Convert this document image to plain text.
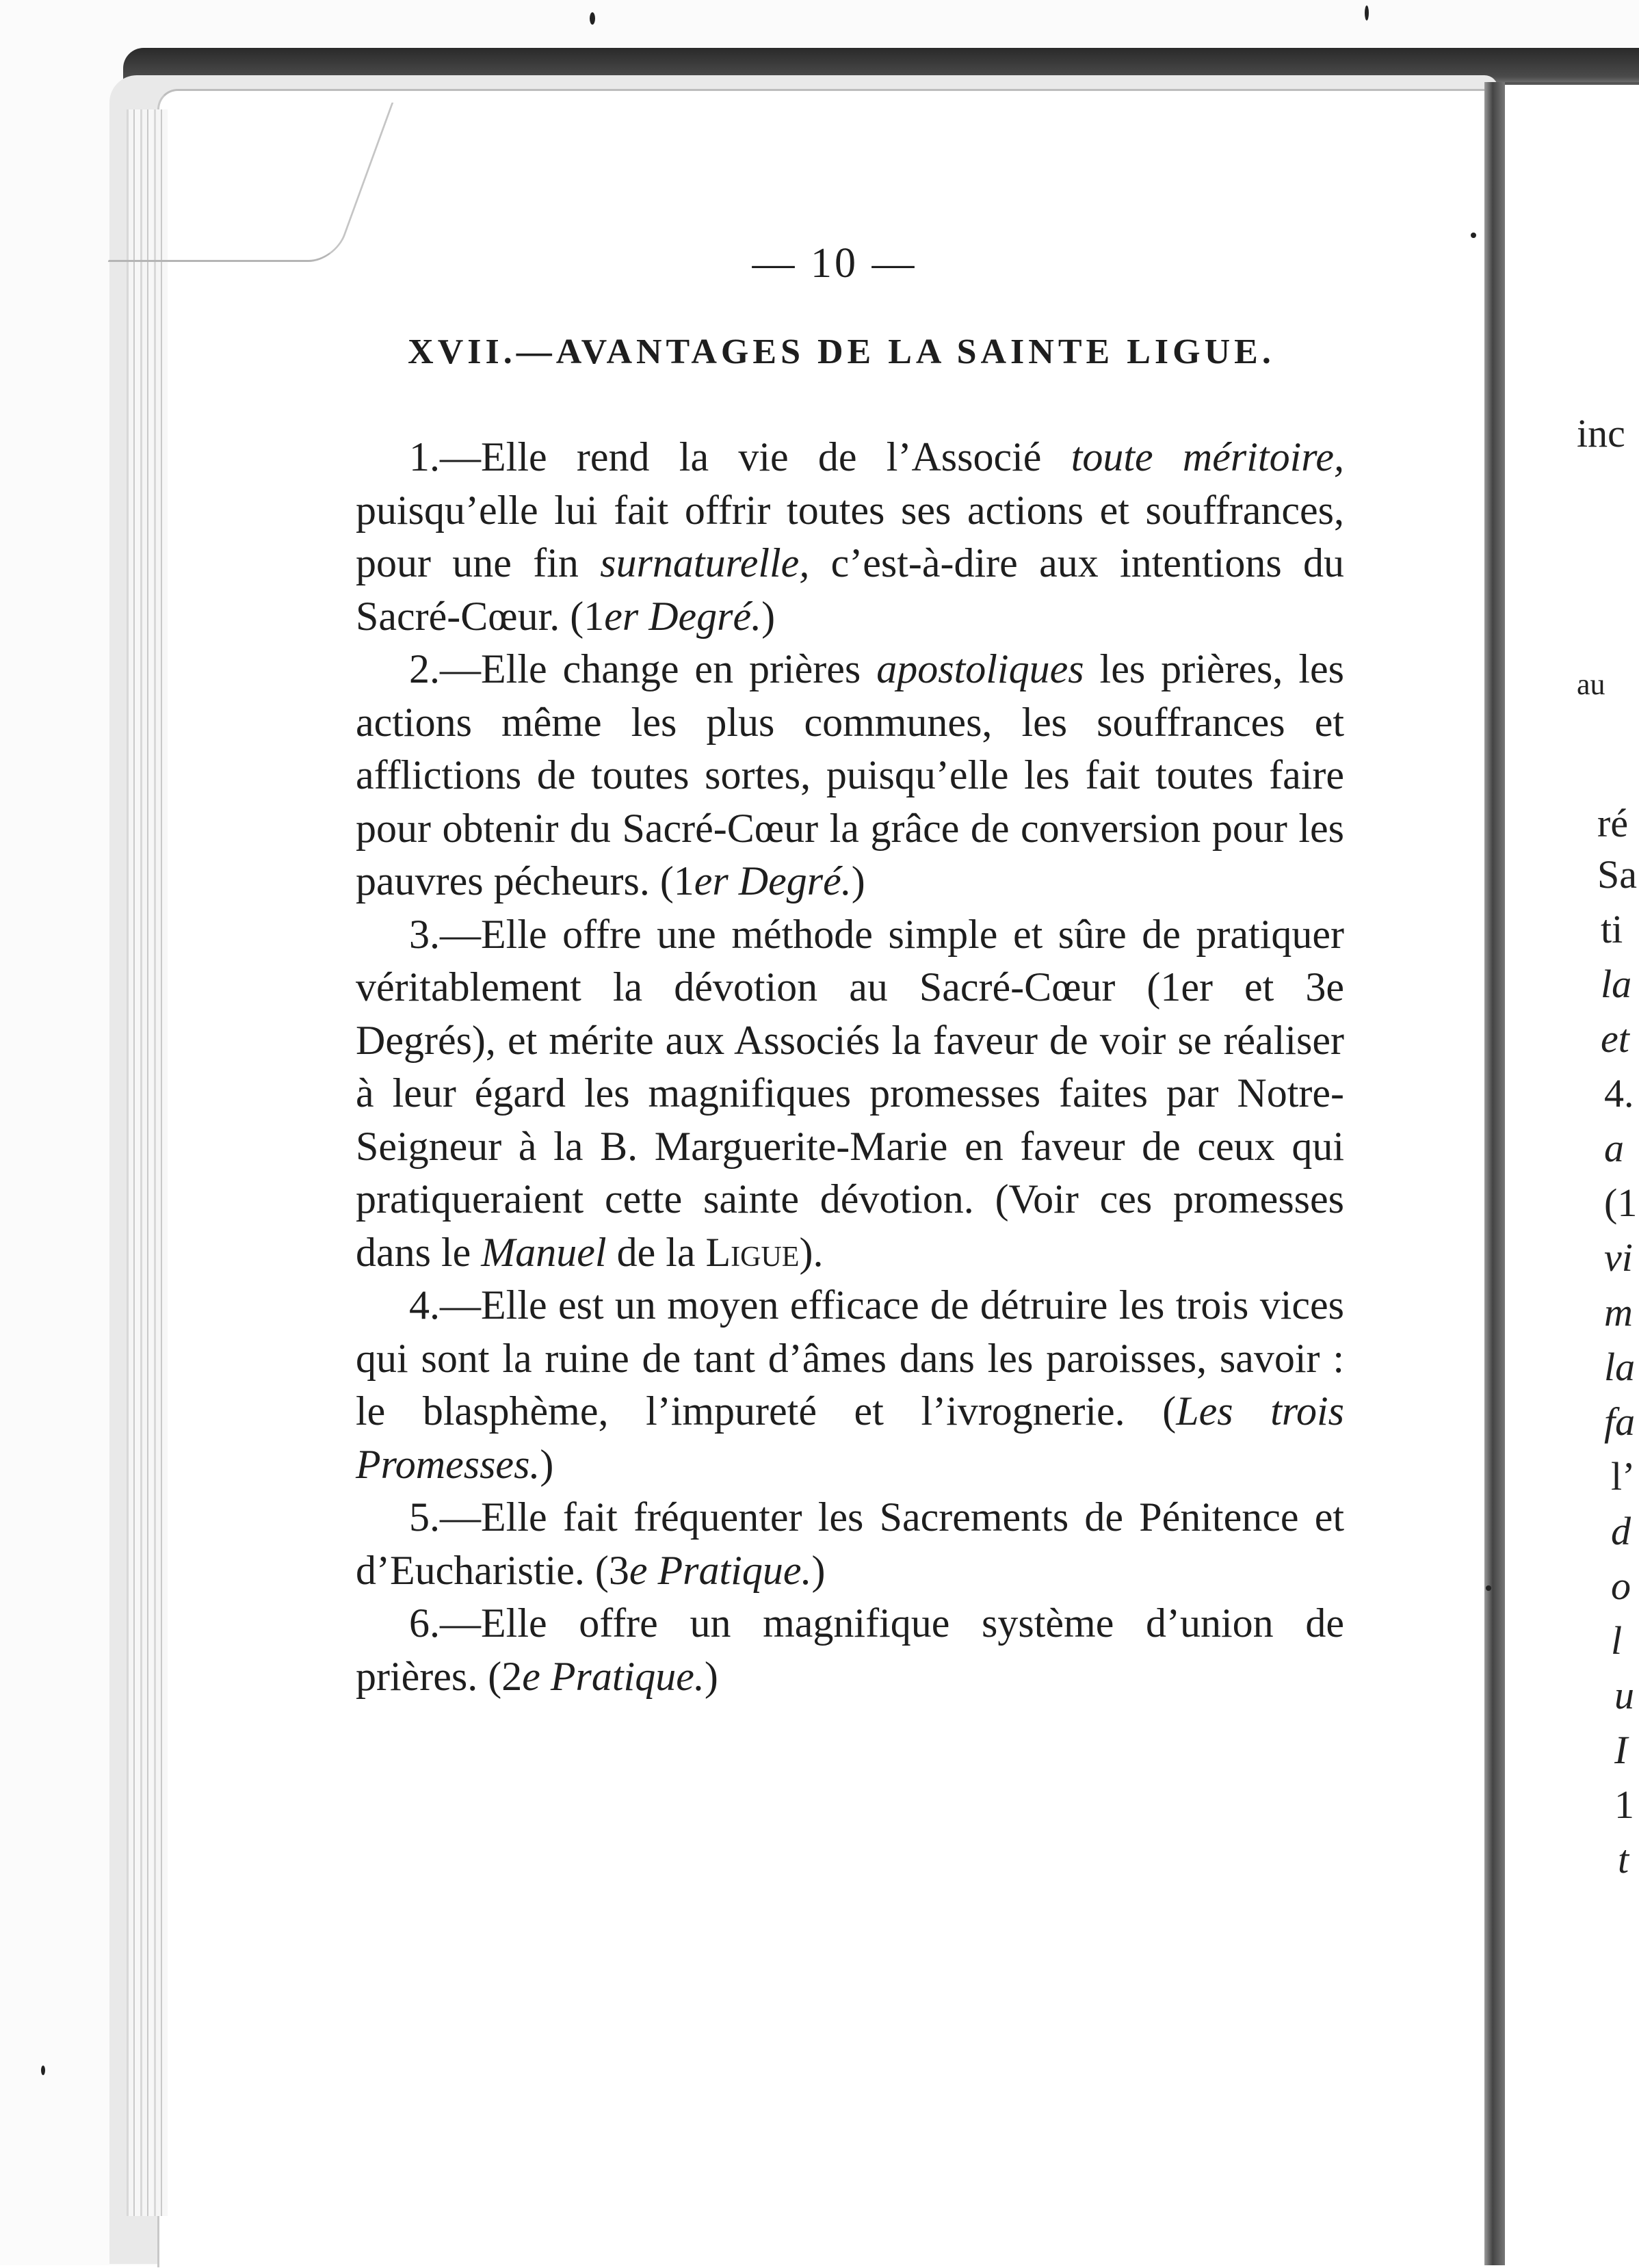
— 10 —
XVII.—AVANTAGES DE LA SAINTE LIGUE.

1.—Elle rend la vie de l’Associé toute méritoire, puisqu’elle lui fait offrir toutes ses actions et souffrances, pour une fin surnaturelle, c’est-à-dire aux intentions du Sacré-Cœur. (1er Degré.)

2.—Elle change en prières apostoliques les prières, les actions même les plus communes, les souffrances et afflictions de toutes sortes, puisqu’elle les fait toutes faire pour obtenir du Sacré-Cœur la grâce de conversion pour les pauvres pécheurs. (1er Degré.)

3.—Elle offre une méthode simple et sûre de pratiquer véritablement la dévotion au Sacré-Cœur (1er et 3e Degrés), et mérite aux Associés la faveur de voir se réaliser à leur égard les magnifiques promesses faites par Notre-Seigneur à la B. Marguerite-Marie en faveur de ceux qui pratiqueraient cette sainte dévotion. (Voir ces promesses dans le Manuel de la Ligue).

4.—Elle est un moyen efficace de détruire les trois vices qui sont la ruine de tant d’âmes dans les paroisses, savoir : le blasphème, l’impureté et l’ivrognerie. (Les trois Promesses.)

5.—Elle fait fréquenter les Sacrements de Pénitence et d’Eucharistie. (3e Pratique.)

6.—Elle offre un magnifique système d’union de prières. (2e Pratique.)

inc
au
ré
Sa
ti
la
et
4.
a
(1
vi
m
la
fa
l’
d
o
l
u
I
1
t
